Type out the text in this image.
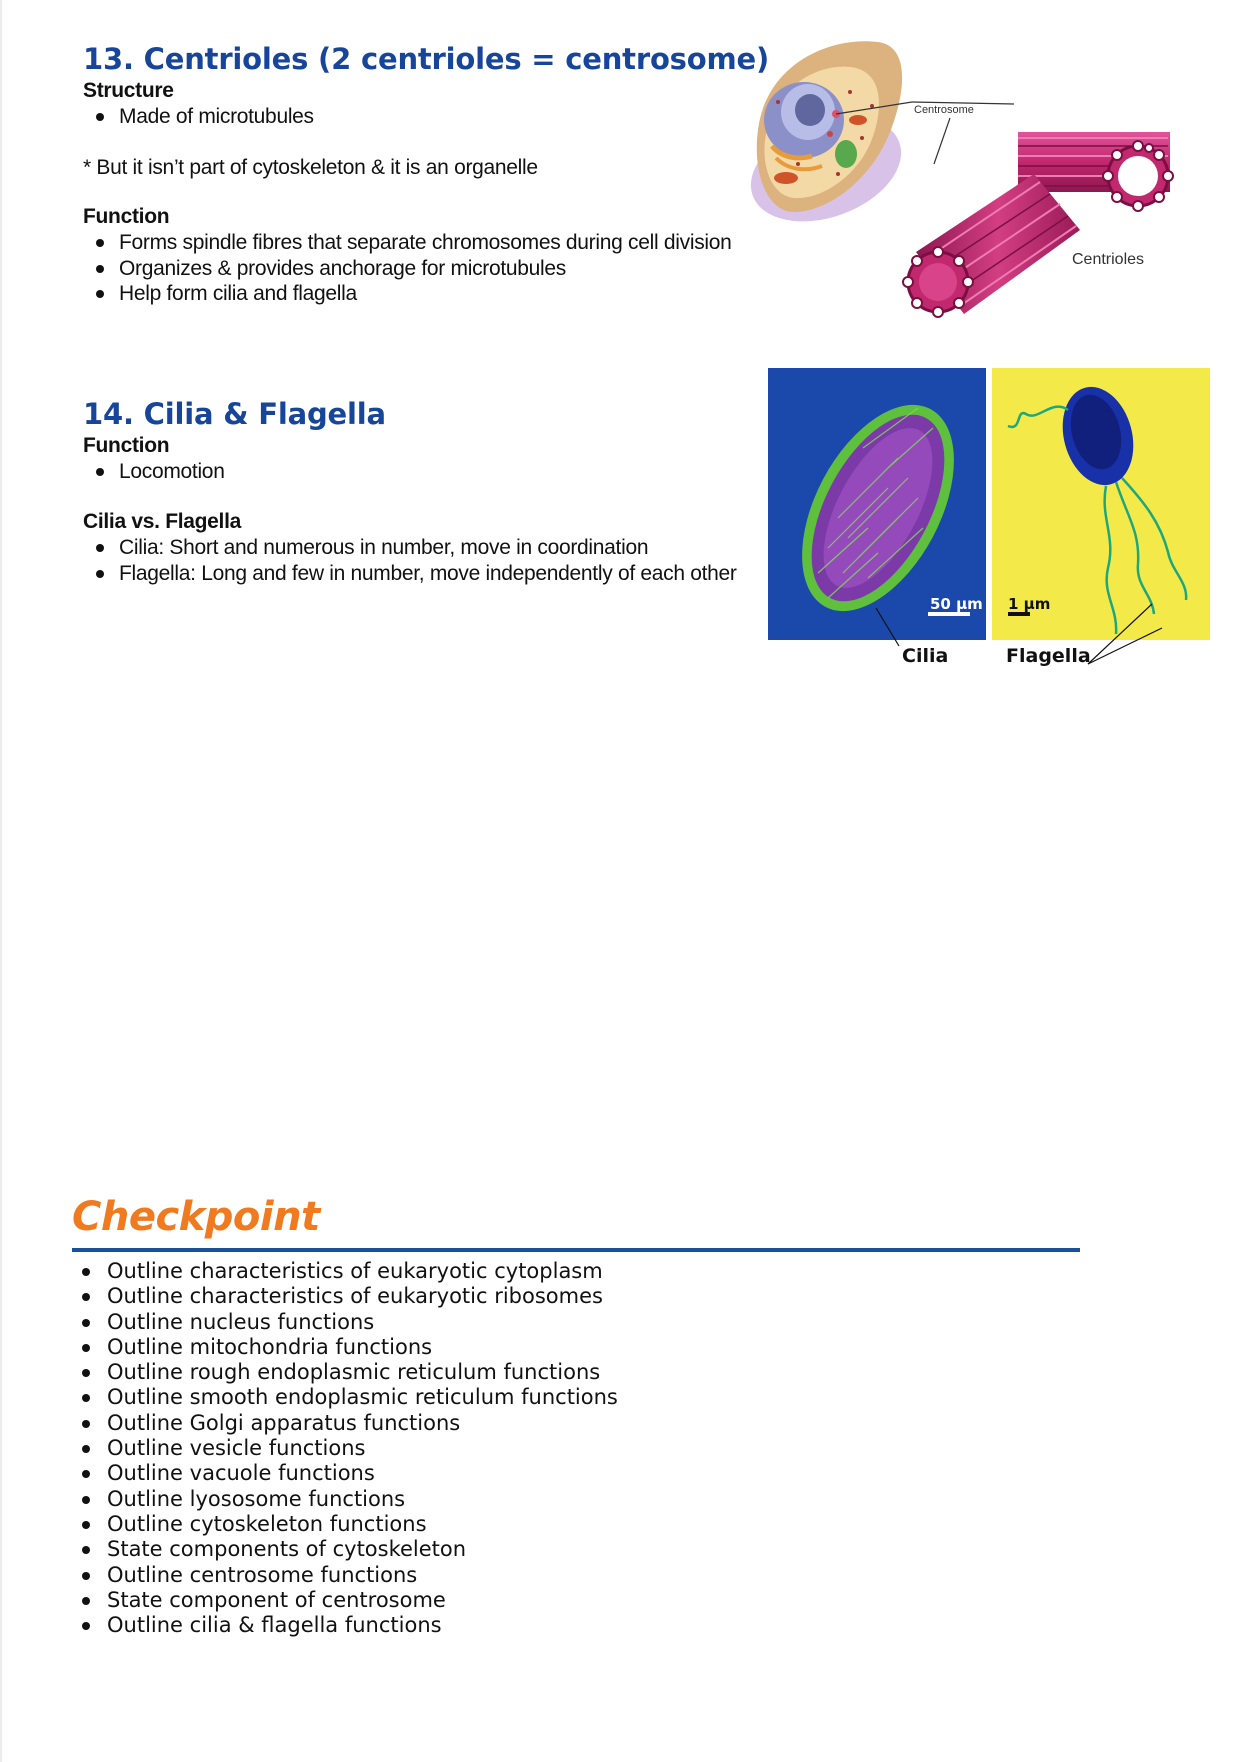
13. Centrioles (2 centrioles = centrosome)
Structure
Made of microtubules
* But it isn’t part of cytoskeleton & it is an organelle
Function
Forms spindle fibres that separate chromosomes during cell division
Organizes & provides anchorage for microtubules
Help form cilia and flagella
Centrosome
Centrioles
14. Cilia & Flagella
Function
Locomotion
Cilia vs. Flagella
Cilia: Short and numerous in number, move in coordination
Flagella: Long and few in number, move independently of each other
50 µm 1 µm
Cilia	Flagella
Checkpoint
Outline characteristics of eukaryotic cytoplasm
Outline characteristics of eukaryotic ribosomes
Outline nucleus functions
Outline mitochondria functions
Outline rough endoplasmic reticulum functions
Outline smooth endoplasmic reticulum functions
Outline Golgi apparatus functions
Outline vesicle functions
Outline vacuole functions
Outline lyososome functions
Outline cytoskeleton functions
State components of cytoskeleton
Outline centrosome functions
State component of centrosome
Outline cilia & flagella functions
